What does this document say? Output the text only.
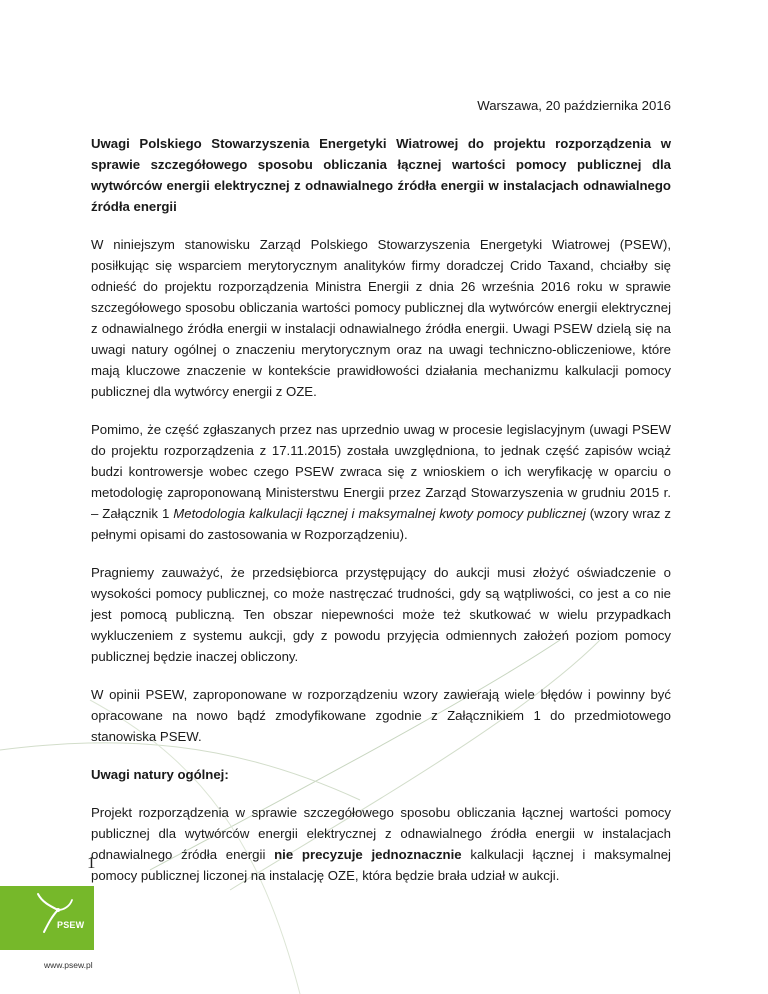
Warszawa, 20 października 2016

Uwagi Polskiego Stowarzyszenia Energetyki Wiatrowej do projektu rozporządzenia w sprawie szczegółowego sposobu obliczania łącznej wartości pomocy publicznej dla wytwórców energii elektrycznej z odnawialnego źródła energii w instalacjach odnawialnego źródła energii

W niniejszym stanowisku Zarząd Polskiego Stowarzyszenia Energetyki Wiatrowej (PSEW), posiłkując się wsparciem merytorycznym analityków firmy doradczej Crido Taxand, chciałby się odnieść do projektu rozporządzenia Ministra Energii z dnia 26 września 2016 roku w sprawie szczegółowego sposobu obliczania wartości pomocy publicznej dla wytwórców energii elektrycznej z odnawialnego źródła energii w instalacji odnawialnego źródła energii. Uwagi PSEW dzielą się na uwagi natury ogólnej o znaczeniu merytorycznym oraz na uwagi techniczno-obliczeniowe, które mają kluczowe znaczenie w kontekście prawidłowości działania mechanizmu kalkulacji pomocy publicznej dla wytwórcy energii z OZE.

Pomimo, że część zgłaszanych przez nas uprzednio uwag w procesie legislacyjnym (uwagi PSEW do projektu rozporządzenia z 17.11.2015) została uwzględniona, to jednak część zapisów wciąż budzi kontrowersje wobec czego PSEW zwraca się z wnioskiem o ich weryfikację w oparciu o metodologię zaproponowaną Ministerstwu Energii przez Zarząd Stowarzyszenia w grudniu 2015 r. – Załącznik 1 Metodologia kalkulacji łącznej i maksymalnej kwoty pomocy publicznej (wzory wraz z pełnymi opisami do zastosowania w Rozporządzeniu).

Pragniemy zauważyć, że przedsiębiorca przystępujący do aukcji musi złożyć oświadczenie o wysokości pomocy publicznej, co może nastręczać trudności, gdy są wątpliwości, co jest a co nie jest pomocą publiczną. Ten obszar niepewności może też skutkować w wielu przypadkach wykluczeniem z systemu aukcji, gdy z powodu przyjęcia odmiennych założeń poziom pomocy publicznej będzie inaczej obliczony.

W opinii PSEW, zaproponowane w rozporządzeniu wzory zawierają wiele błędów i powinny być opracowane na nowo bądź zmodyfikowane zgodnie z Załącznikiem 1 do przedmiotowego stanowiska PSEW.

Uwagi natury ogólnej:

Projekt rozporządzenia w sprawie szczegółowego sposobu obliczania łącznej wartości pomocy publicznej dla wytwórców energii elektrycznej z odnawialnego źródła energii w instalacjach odnawialnego źródła energii nie precyzuje jednoznacznie kalkulacji łącznej i maksymalnej pomocy publicznej liczonej na instalację OZE, która będzie brała udział w aukcji.

1
PSEW
www.psew.pl
